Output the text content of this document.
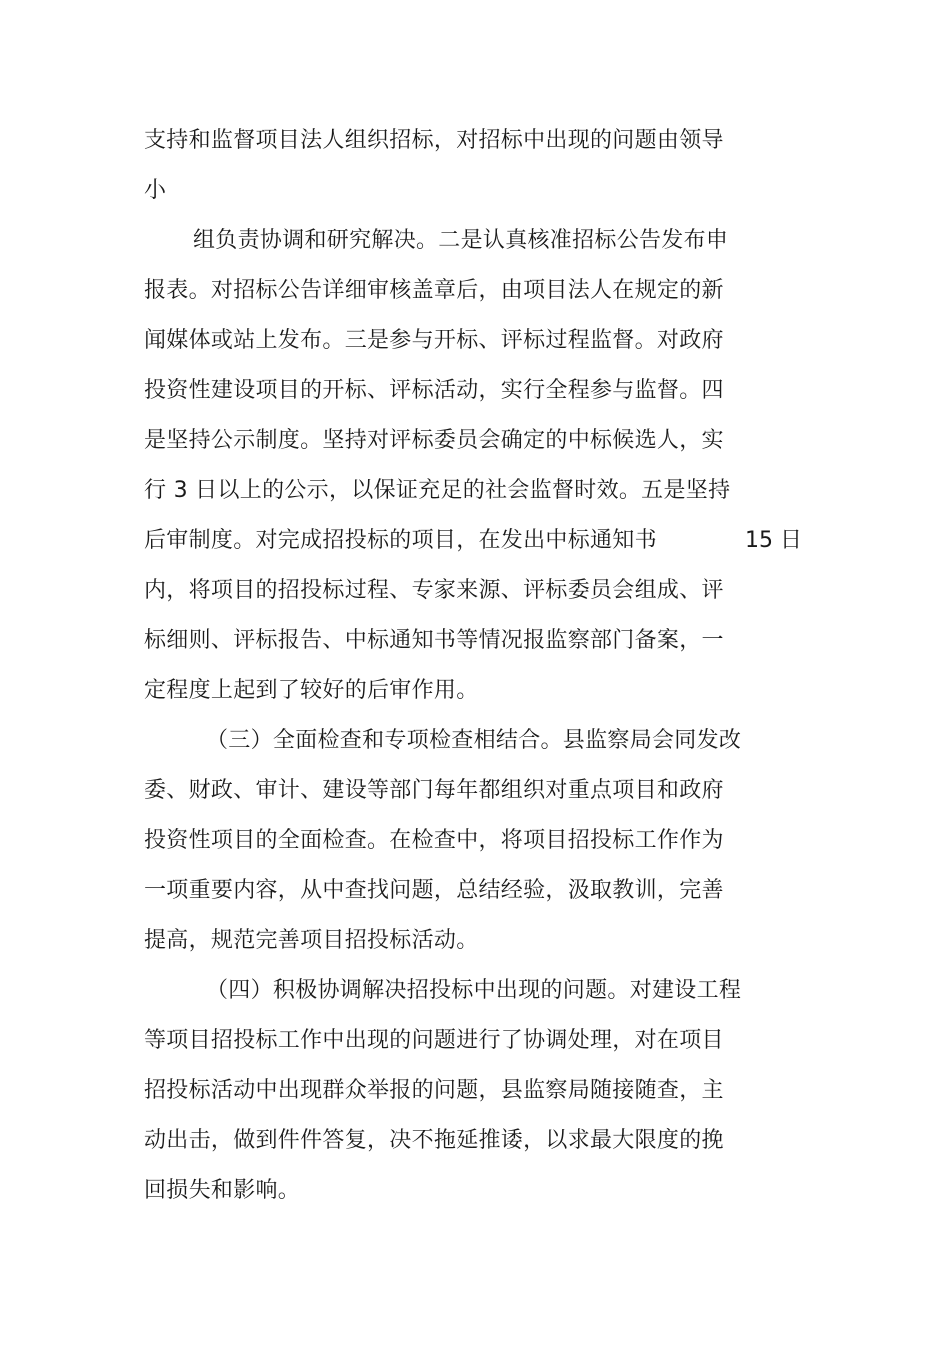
支持和监督项目法人组织招标，对招标中出现的问题由领导
小
组负责协调和研究解决。二是认真核准招标公告发布申
报表。对招标公告详细审核盖章后，由项目法人在规定的新
闻媒体或站上发布。三是参与开标、评标过程监督。对政府
投资性建设项目的开标、评标活动，实行全程参与监督。四
是坚持公示制度。坚持对评标委员会确定的中标候选人，实
行 3 日以上的公示，以保证充足的社会监督时效。五是坚持
后审制度。对完成招投标的项目，在发出中标通知书	15 日
内，将项目的招投标过程、专家来源、评标委员会组成、评
标细则、评标报告、中标通知书等情况报监察部门备案，一
定程度上起到了较好的后审作用。
（三）全面检查和专项检查相结合。县监察局会同发改
委、财政、审计、建设等部门每年都组织对重点项目和政府
投资性项目的全面检查。在检查中，将项目招投标工作作为
一项重要内容，从中查找问题，总结经验，汲取教训，完善
提高，规范完善项目招投标活动。
（四）积极协调解决招投标中出现的问题。对建设工程
等项目招投标工作中出现的问题进行了协调处理，对在项目
招投标活动中出现群众举报的问题，县监察局随接随查，主
动出击，做到件件答复，决不拖延推诿，以求最大限度的挽
回损失和影响。
